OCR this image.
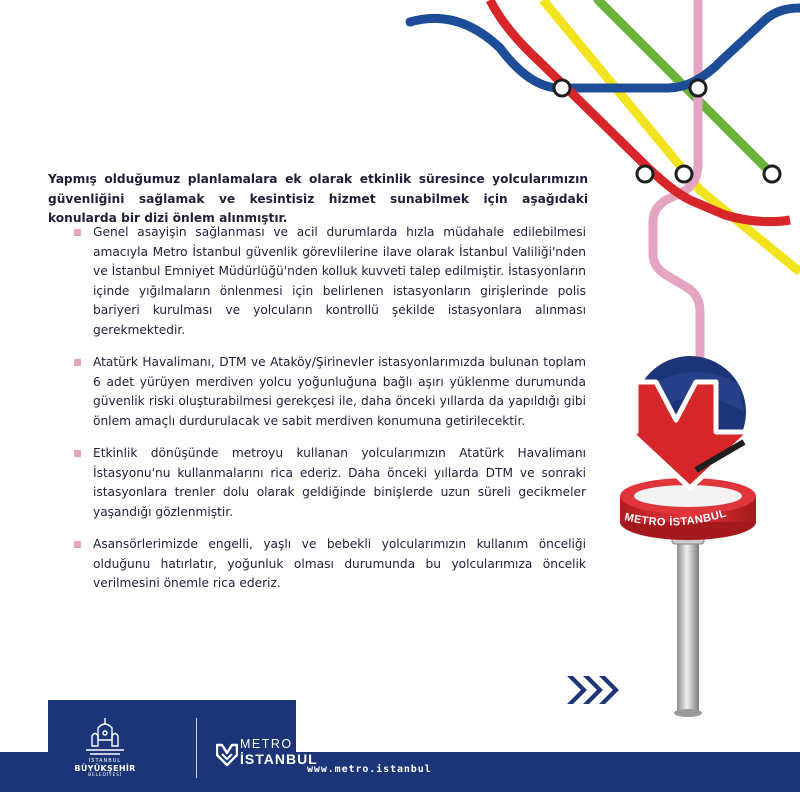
Yapmış olduğumuz planlamalara ek olarak etkinlik süresince yolcularımızın güvenliğini sağlamak ve kesintisiz hizmet sunabilmek için aşağıdaki konularda bir dizi önlem alınmıştır.

Genel asayişin sağlanması ve acil durumlarda hızla müdahale edilebilmesi amacıyla Metro İstanbul güvenlik görevlilerine ilave olarak İstanbul Valiliği'nden ve İstanbul Emniyet Müdürlüğü'nden kolluk kuvveti talep edilmiştir. İstasyonların içinde yığılmaların önlenmesi için belirlenen istasyonların girişlerinde polis bariyeri kurulması ve yolcuların kontrollü şekilde istasyonlara alınması gerekmektedir.
Atatürk Havalimanı, DTM ve Ataköy/Şirinevler istasyonlarımızda bulunan toplam 6 adet yürüyen merdiven yolcu yoğunluğuna bağlı aşırı yüklenme durumunda güvenlik riski oluşturabilmesi gerekçesi ile, daha önceki yıllarda da yapıldığı gibi önlem amaçlı durdurulacak ve sabit merdiven konumuna getirilecektir.
Etkinlik dönüşünde metroyu kullanan yolcularımızın Atatürk Havalimanı İstasyonu'nu kullanmalarını rica ederiz. Daha önceki yıllarda DTM ve sonraki istasyonlara trenler dolu olarak geldiğinde binişlerde uzun süreli gecikmeler yaşandığı gözlenmiştir.
Asansörlerimizde engelli, yaşlı ve bebekli yolcularımızın kullanım önceliği olduğunu hatırlatır, yoğunluk olması durumunda bu yolcularımıza öncelik verilmesini önemle rica ederiz.
METRO İSTANBUL
İSTANBUL
BÜYÜKŞEHİR
BELEDİYESİ
METRO
İSTANBUL
www.metro.istanbul
